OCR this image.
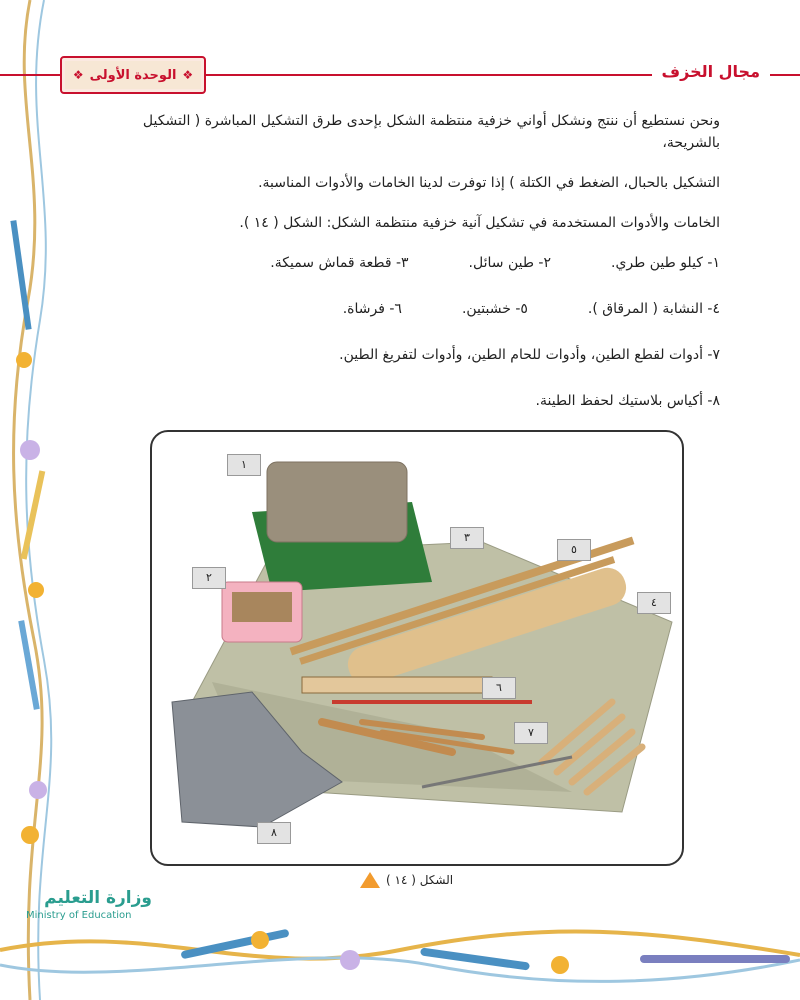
مجال الخزف
❖ الوحدة الأولى
❖

ونحن نستطيع أن ننتج ونشكل أواني خزفية منتظمة الشكل بإحدى طرق التشكيل المباشرة ( التشكيل بالشريحة،

التشكيل بالحبال، الضغط في الكتلة ) إذا توفرت لدينا الخامات والأدوات المناسبة.

الخامات والأدوات المستخدمة في تشكيل آنية خزفية منتظمة الشكل: الشكل ( ١٤ ).

١- كيلو طين طري.
٢- طين سائل.
٣- قطعة قماش سميكة.
٤- النشابة ( المرقاق ).
٥- خشبتين.
٦- فرشاة.
٧- أدوات لقطع الطين، وأدوات للحام الطين، وأدوات لتفريغ الطين.
٨- أكياس بلاستيك لحفظ الطينة.
١
٢
٣
٤
٥
٦
٧
٨
الشكل ( ١٤ )
وزارة التعليم
Ministry of Education
